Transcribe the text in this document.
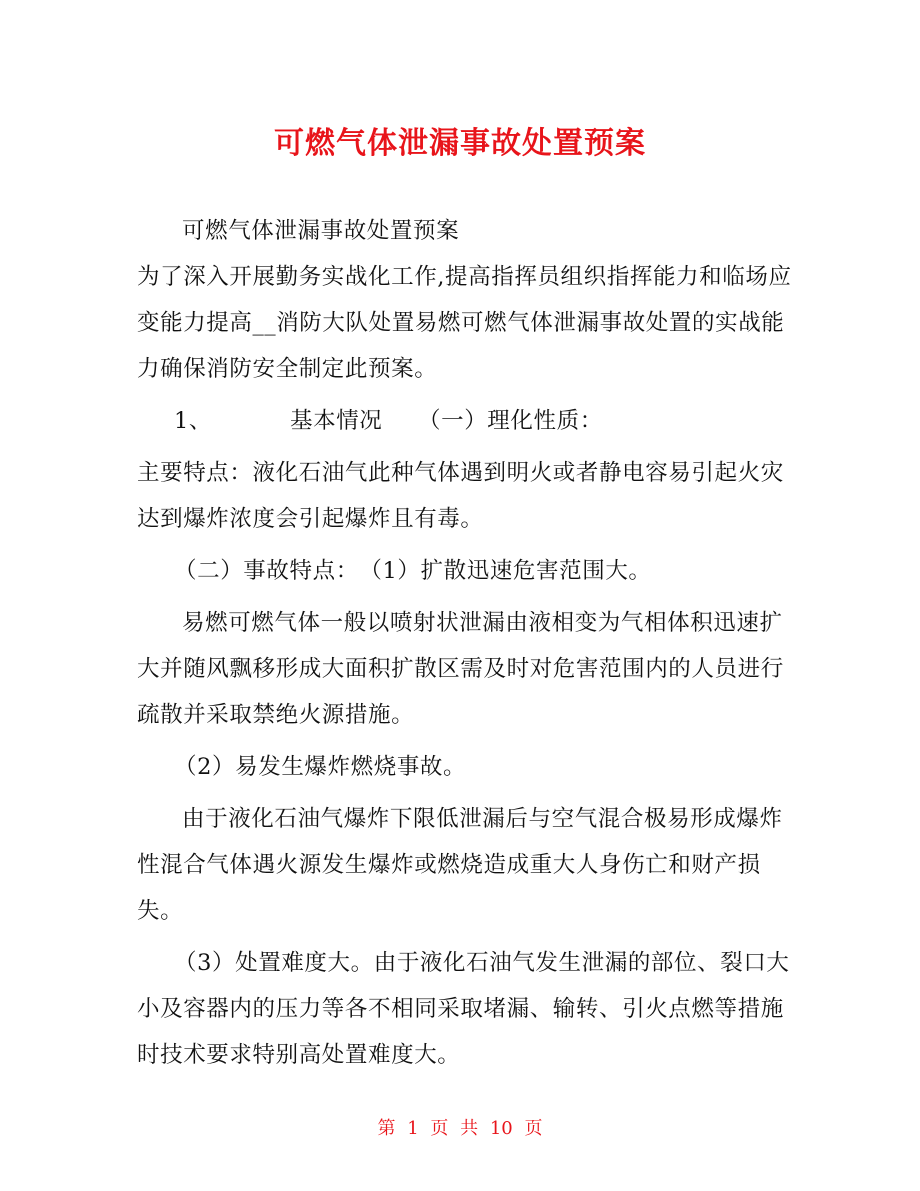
可燃气体泄漏事故处置预案

可燃气体泄漏事故处置预案

为了深入开展勤务实战化工作,提高指挥员组织指挥能力和临场应变能力提高__消防大队处置易燃可燃气体泄漏事故处置的实战能力确保消防安全制定此预案。

1、	基本情况	（一）理化性质：

主要特点：液化石油气此种气体遇到明火或者静电容易引起火灾达到爆炸浓度会引起爆炸且有毒。

（二）事故特点：　（1）扩散迅速危害范围大。

易燃可燃气体一般以喷射状泄漏由液相变为气相体积迅速扩大并随风飘移形成大面积扩散区需及时对危害范围内的人员进行疏散并采取禁绝火源措施。

（2）易发生爆炸燃烧事故。

由于液化石油气爆炸下限低泄漏后与空气混合极易形成爆炸性混合气体遇火源发生爆炸或燃烧造成重大人身伤亡和财产损失。

（3）处置难度大。由于液化石油气发生泄漏的部位、裂口大小及容器内的压力等各不相同采取堵漏、输转、引火点燃等措施时技术要求特别高处置难度大。

第 1 页 共 10 页
